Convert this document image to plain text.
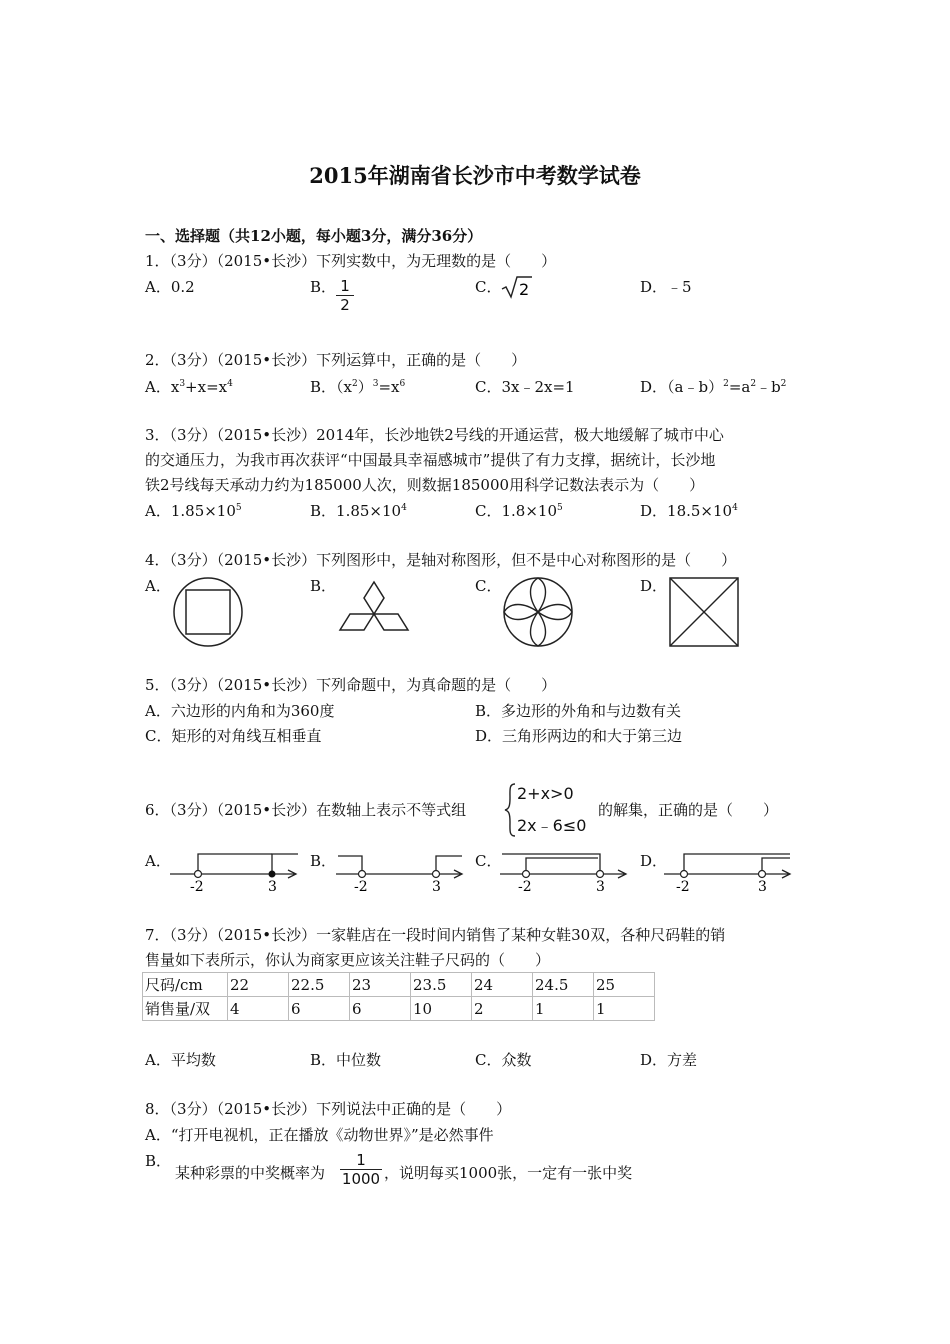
2015年湖南省长沙市中考数学试卷
一、选择题（共12小题，每小题3分，满分36分）
1．（3分）（2015•长沙）下列实数中，为无理数的是（　　）
A．0.2	B． 1
2
C． 2	D．﹣5
2．（3分）（2015•长沙）下列运算中，正确的是（　　）
A．$x^3+x=x^4$	B．$(x^2)^3=x^6$	C．3x﹣2x=1	D．$(a﹣b)^2=a^2﹣b^2$
3．（3分）（2015•长沙）2014年，长沙地铁2号线的开通运营，极大地缓解了城市中心
的交通压力，为我市再次获评“中国最具幸福感城市”提供了有力支撑，据统计，长沙地
铁2号线每天承动力约为185000人次，则数据185000用科学记数法表示为（　　）
A．$1.85\times 10^5$	B．$1.85\times 10^4$	C．$1.8\times 10^5$	D．$18.5\times 10^4$
4．（3分）（2015•长沙）下列图形中，是轴对称图形，但不是中心对称图形的是（　　）
A．	B．	C．	D．
5．（3分）（2015•长沙）下列命题中，为真命题的是（　　）
A．六边形的内角和为360度	B．多边形的外角和与边数有关
C．矩形的对角线互相垂直	D．三角形两边的和大于第三边
6．（3分）（2015•长沙）在数轴上表示不等式组
2+x>0
2x﹣6≤0
的解集，正确的是（　　）
A．
-2	3
B．
-2	3
C．
-2	3
D．
-2	3
7．（3分）（2015•长沙）一家鞋店在一段时间内销售了某种女鞋30双，各种尺码鞋的销
售量如下表所示，你认为商家更应该关注鞋子尺码的（　　）
尺码/cm	22	22.5	23	23.5	24	24.5	25
销售量/双	4	6	6	10	2	1	1
A．平均数	B．中位数	C．众数	D．方差
8．（3分）（2015•长沙）下列说法中正确的是（　　）
A．“打开电视机，正在播放《动物世界》”是必然事件
B．
某种彩票的中奖概率为
1
1000 ，说明每买1000张，一定有一张中奖
